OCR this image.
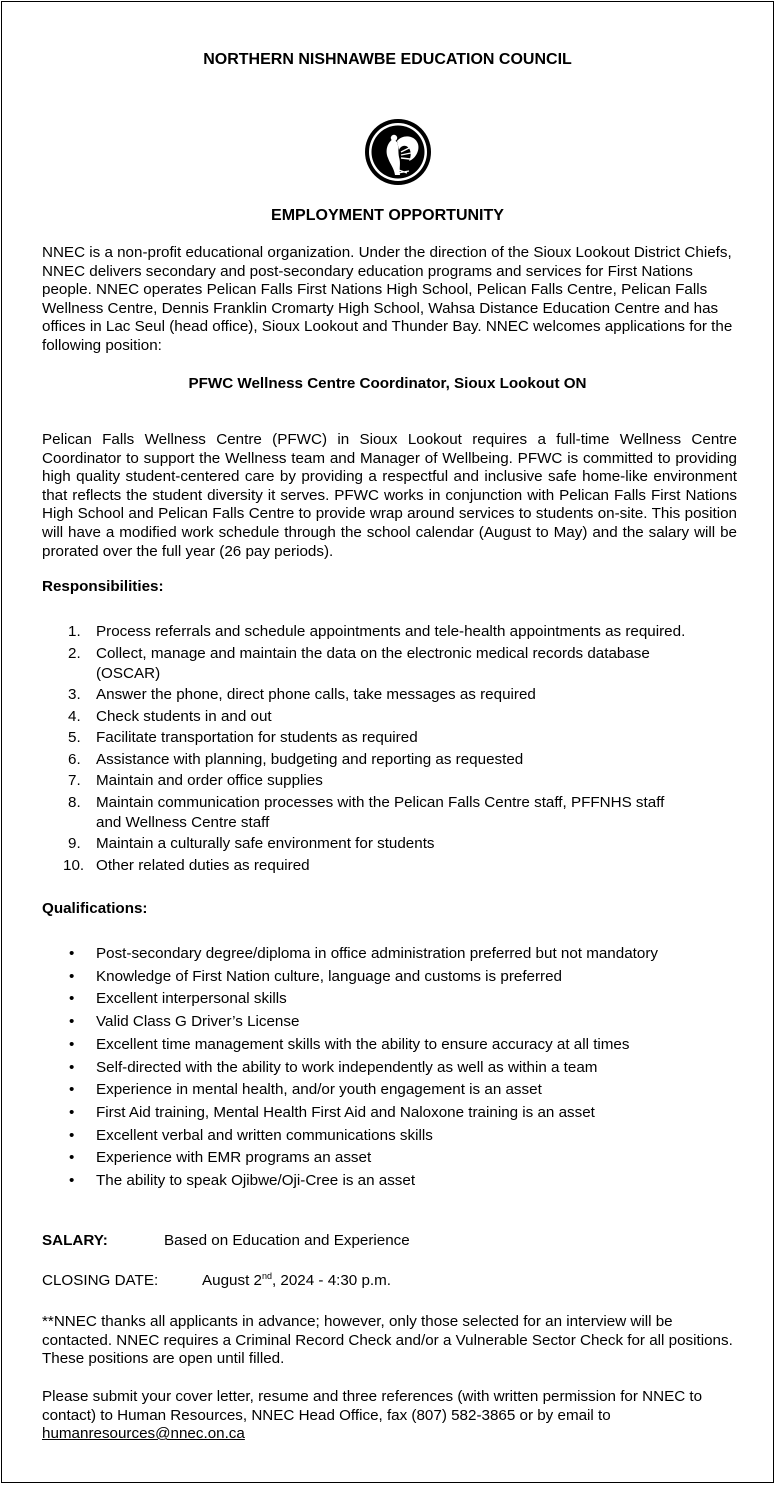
NORTHERN NISHNAWBE EDUCATION COUNCIL
EMPLOYMENT OPPORTUNITY

NNEC is a non-profit educational organization. Under the direction of the Sioux Lookout District Chiefs, NNEC delivers secondary and post-secondary education programs and services for First Nations people. NNEC operates Pelican Falls First Nations High School, Pelican Falls Centre, Pelican Falls Wellness Centre, Dennis Franklin Cromarty High School, Wahsa Distance Education Centre and has offices in Lac Seul (head office), Sioux Lookout and Thunder Bay. NNEC welcomes applications for the following position:

PFWC Wellness Centre Coordinator, Sioux Lookout ON

Pelican Falls Wellness Centre (PFWC) in Sioux Lookout requires a full-time Wellness Centre Coordinator to support the Wellness team and Manager of Wellbeing. PFWC is committed to providing high quality student-centered care by providing a respectful and inclusive safe home-like environment that reflects the student diversity it serves. PFWC works in conjunction with Pelican Falls First Nations High School and Pelican Falls Centre to provide wrap around services to students on-site. This position will have a modified work schedule through the school calendar (August to May) and the salary will be prorated over the full year (26 pay periods).

Responsibilities:
1. Process referrals and schedule appointments and tele-health appointments as required.
2. Collect, manage and maintain the data on the electronic medical records database
(OSCAR)
3. Answer the phone, direct phone calls, take messages as required
4. Check students in and out
5. Facilitate transportation for students as required
6. Assistance with planning, budgeting and reporting as requested
7. Maintain and order office supplies
8. Maintain communication processes with the Pelican Falls Centre staff, PFFNHS staff
and Wellness Centre staff
9. Maintain a culturally safe environment for students
10. Other related duties as required
Qualifications:
• Post-secondary degree/diploma in office administration preferred but not mandatory
• Knowledge of First Nation culture, language and customs is preferred
• Excellent interpersonal skills
• Valid Class G Driver’s License
• Excellent time management skills with the ability to ensure accuracy at all times
• Self-directed with the ability to work independently as well as within a team
• Experience in mental health, and/or youth engagement is an asset
• First Aid training, Mental Health First Aid and Naloxone training is an asset
• Excellent verbal and written communications skills
• Experience with EMR programs an asset
• The ability to speak Ojibwe/Oji-Cree is an asset
SALARY:	Based on Education and Experience
CLOSING DATE:	August 2nd, 2024 - 4:30 p.m.

**NNEC thanks all applicants in advance; however, only those selected for an interview will be contacted. NNEC requires a Criminal Record Check and/or a Vulnerable Sector Check for all positions. These positions are open until filled.

Please submit your cover letter, resume and three references (with written permission for NNEC to contact) to Human Resources, NNEC Head Office, fax (807) 582-3865 or by email to
humanresources@nnec.on.ca
